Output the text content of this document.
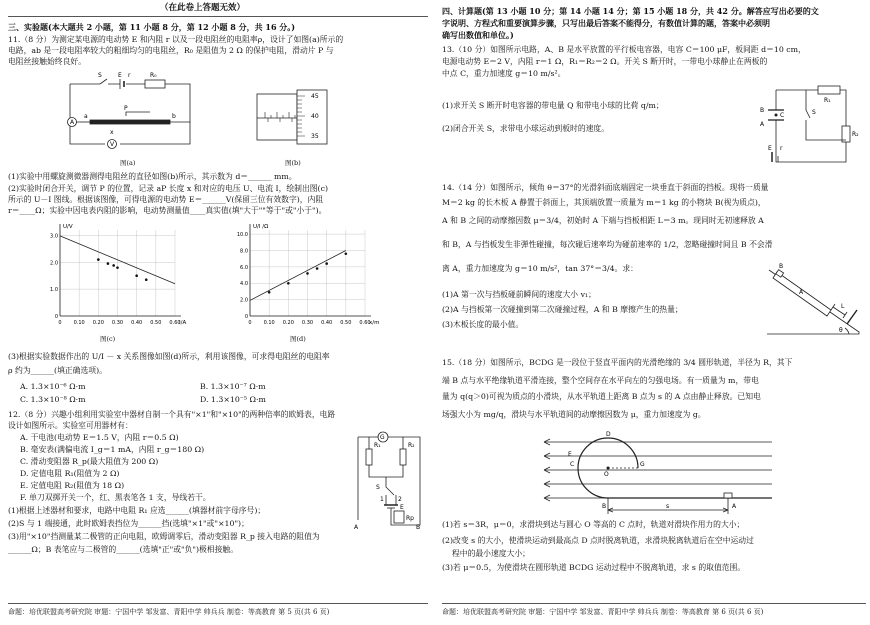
（在此卷上答题无效）
三、实验题(本大题共 2 小题，第 11 小题 8 分，第 12 小题 8 分，共 16 分。)
11.（8 分）为测定某电源的电动势 E 和内阻 r 以及一段电阻丝的电阻率ρ，设计了如图(a)所示的
电路，ab 是一段电阻率较大的粗细均匀的电阻丝，R₀ 是阻值为 2 Ω 的保护电阻，滑动片 P 与
电阻丝接触始终良好。
S	E r	R₀
A
a
P
b
x
V
图(a)
45
40
35
图(b)
(1)实验中用螺旋测微器测得电阻丝的直径如图(b)所示，其示数为 d＝______ mm。
(2)实验时闭合开关，调节 P 的位置，记录 aP 长度 x 和对应的电压 U、电流 I，绘制出图(c)
所示的 U－I 图线。根据该图像，可得电源的电动势 E＝______V(保留三位有效数字)，内阻
r＝____Ω；实验中因电表内阻的影响，电动势测量值____真实值(填"大于""等于"或"小于")。
0 0.10 0.20 0.30 0.40 0.50 0.60
0
1.0
2.0
3.0
I/A
U/V
图(c)
0 0.10 0.20 0.30 0.40 0.50 0.60
0
2.0
4.0
6.0
8.0
10.0
x/m
U/I /Ω
图(d)
(3)根据实验数据作出的 U/I － x 关系图像如图(d)所示，利用该图像，可求得电阻丝的电阻率
ρ 约为______(填正确选项)。
A. 1.3×10⁻⁶ Ω·m	B. 1.3×10⁻⁷ Ω·m
C. 1.3×10⁻⁸ Ω·m	D. 1.3×10⁻⁵ Ω·m
12.（8 分）兴趣小组利用实验室中器材自制一个具有"×1"和"×10"的两种倍率的欧姆表，电路
设计如图所示。实验室可用器材有：
A. 干电池(电动势 E＝1.5 V，内阻 r＝0.5 Ω)
B. 毫安表(满偏电流 I_g＝1 mA，内阻 r_g＝180 Ω)
C. 滑动变阻器 R_p(最大阻值为 200 Ω)
D. 定值电阻 R₁(阻值为 2 Ω)
E. 定值电阻 R₂(阻值为 18 Ω)
F. 单刀双掷开关一个，红、黑表笔各 1 支，导线若干。
(1)根据上述器材和要求，电路中电阻 R₁ 应选______(填器材前字母序号)；
(2)S 与 1 端接通，此时欧姆表挡位为______挡(选填"×1"或"×10")；
(3)用"×10"挡测量某二极管的正向电阻，欧姆调零后，滑动变阻器 R_p 接入电路的阻值为
______Ω；B 表笔应与二极管的______(选填"正"或"负")极相接触。
G
R₁	R₂
S
1 2
E
Rp
A	B
命题：培优联盟高考研究院 审题：宁国中学 邹发富、青阳中学 帅兵兵 制卷：等高教育 第 5 页(共 6 页)
四、计算题(第 13 小题 10 分；第 14 小题 14 分；第 15 小题 18 分，共 42 分。解答应写出必要的文
字说明、方程式和重要演算步骤，只写出最后答案不能得分，有数值计算的题，答案中必须明
确写出数值和单位。)
13.（10 分）如图所示电路，A、B 是水平放置的平行板电容器，电容 C＝100 μF，板间距 d＝10 cm，
电源电动势 E＝2 V，内阻 r＝1 Ω，R₁＝R₂＝2 Ω。开关 S 断开时，一带电小球静止在两板的
中点 C，重力加速度 g＝10 m/s²。
(1)求开关 S 断开时电容器的带电量 Q 和带电小球的比荷 q/m；
(2)闭合开关 S，求带电小球运动到板时的速度。
B
C
A
S
R₁
R₂
E r
14.（14 分）如图所示，倾角 θ＝37°的光滑斜面底端固定一块垂直于斜面的挡板。现将一质量
M＝2 kg 的长木板 A 静置于斜面上，其顶端放置一质量为 m＝1 kg 的小物块 B(视为质点)，
A 和 B 之间的动摩擦因数 μ＝3/4，初始时 A 下端与挡板相距 L＝3 m。现同时无初速释放 A
和 B，A 与挡板发生非弹性碰撞，每次碰后速率均为碰前速率的 1/2，忽略碰撞时间且 B 不会滑
离 A，重力加速度为 g＝10 m/s²，tan 37°＝3/4。求：
(1)A 第一次与挡板碰前瞬间的速度大小 v₁；
(2)A 与挡板第一次碰撞到第二次碰撞过程，A 和 B 摩擦产生的热量；
(3)木板长度的最小值。
B
A
L
θ
15.（18 分）如图所示，BCDG 是一段位于竖直平面内的光滑绝缘的 3/4 圆形轨道，半径为 R，其下
端 B 点与水平绝缘轨道平滑连接，整个空间存在水平向左的匀强电场。有一质量为 m，带电
量为 q(q＞0)可视为质点的小滑块，从水平轨道上距离 B 点为 s 的 A 点由静止释放。已知电
场强大小为 mg/q，滑块与水平轨道间的动摩擦因数为 μ，重力加速度为 g。
D
E
C
O
G
B	s	A
(1)若 s＝3R，μ＝0，求滑块到达与圆心 O 等高的 C 点时，轨道对滑块作用力的大小；
(2)改变 s 的大小，使滑块运动到最高点 D 点时脱离轨道，求滑块脱离轨道后在空中运动过
程中的最小速度大小；
(3)若 μ＝0.5，为使滑块在圆形轨道 BCDG 运动过程中不脱离轨道，求 s 的取值范围。
命题：培优联盟高考研究院 审题：宁国中学 邹发富、青阳中学 帅兵兵 制卷：等高教育 第 6 页(共 6 页)
